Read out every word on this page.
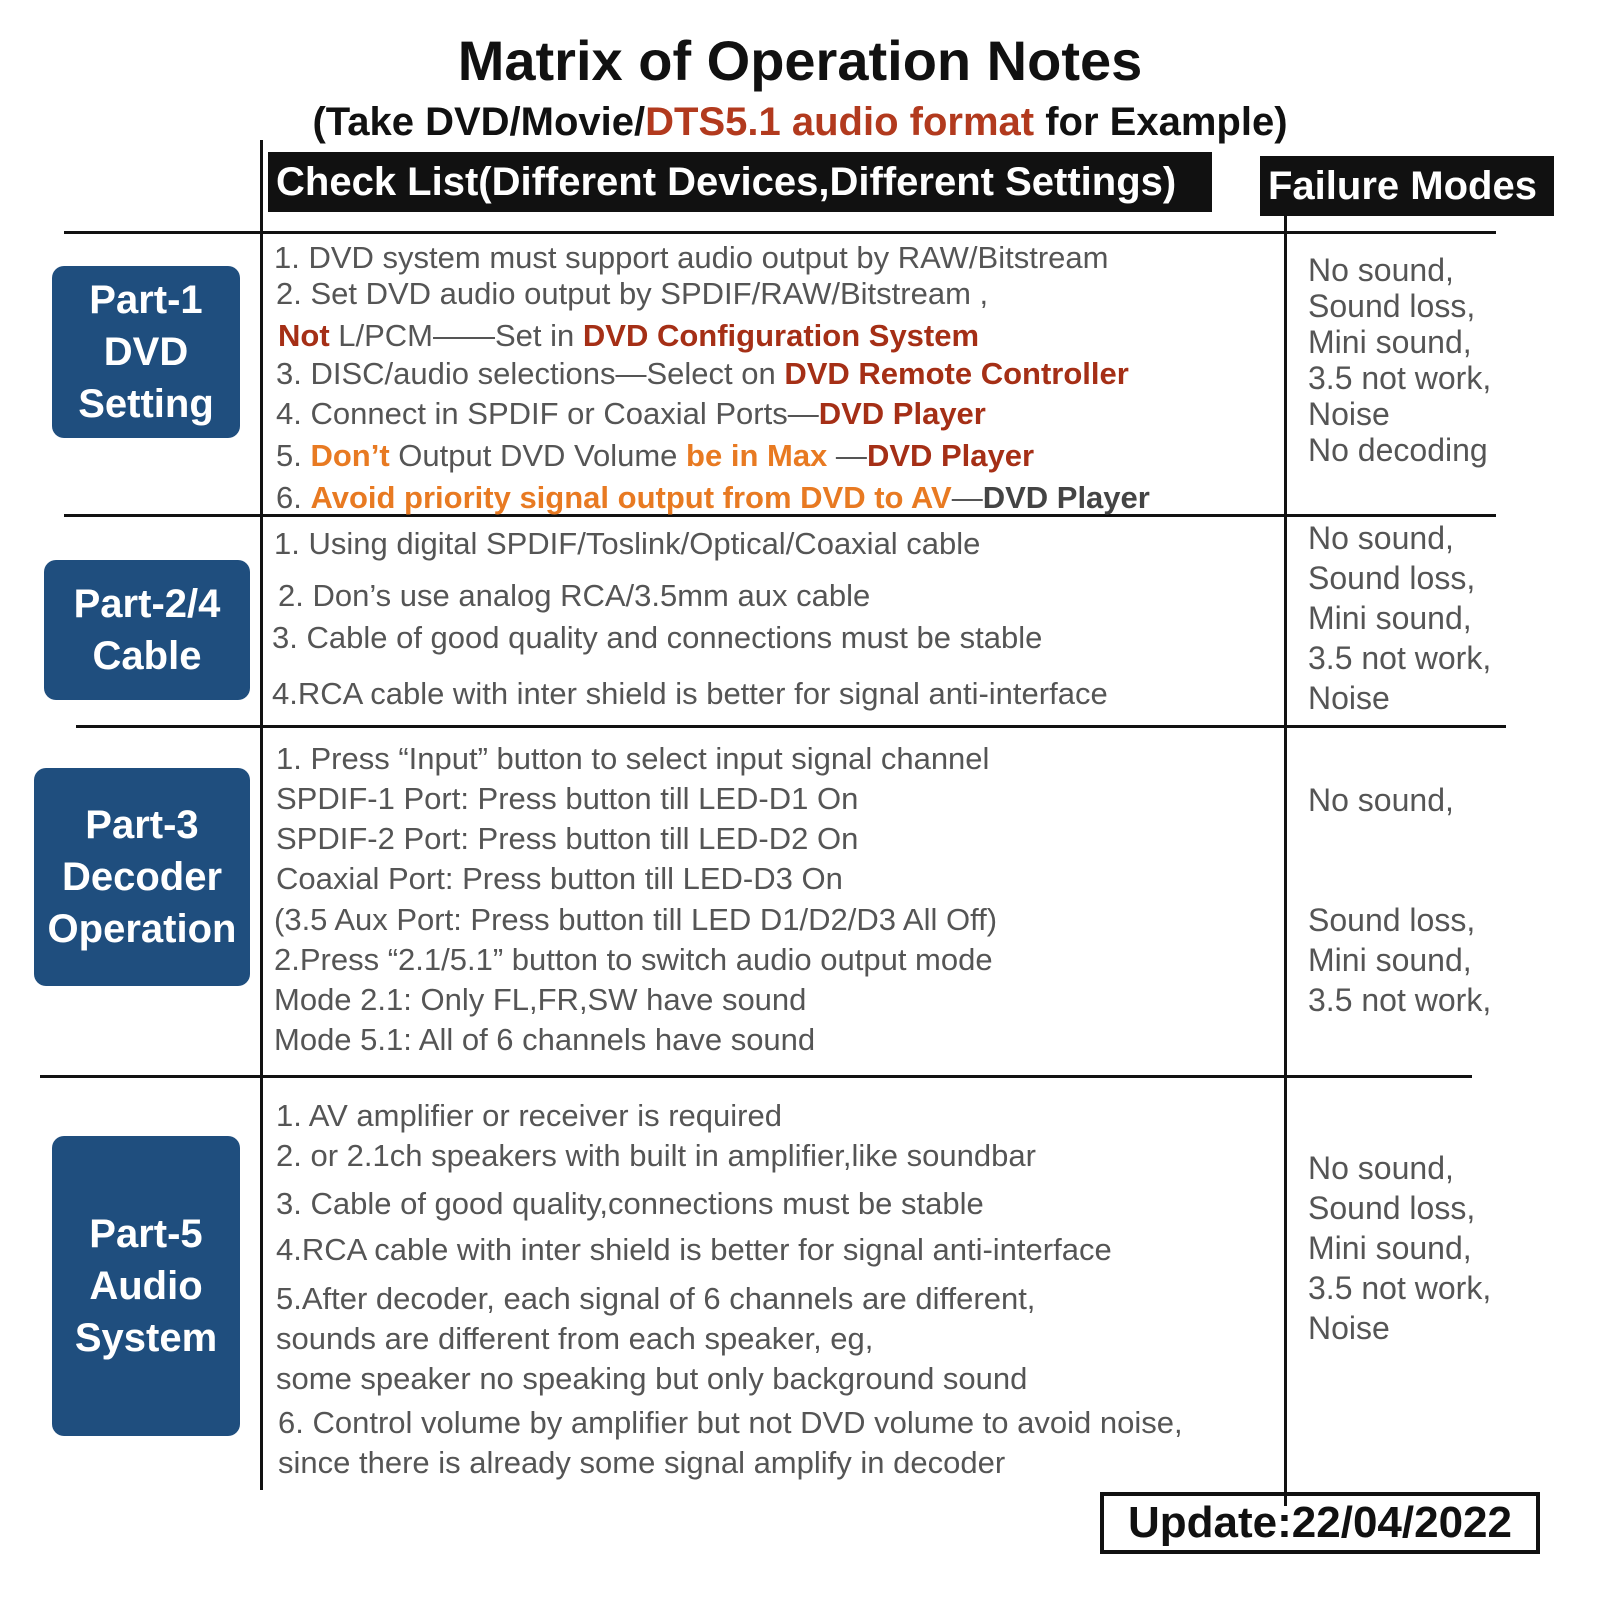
Matrix of Operation Notes
(Take DVD/Movie/DTS5.1 audio format for Example)
Check List(Different Devices,Different Settings)	Failure Modes
Part-1
DVD
Setting
Part-2/4
Cable
Part-3
Decoder
Operation
Part-5
Audio
System
1. DVD system must support audio output by RAW/Bitstream
2. Set DVD audio output by SPDIF/RAW/Bitstream ,
Not L/PCM——Set in DVD Configuration System
3. DISC/audio selections—Select on DVD Remote Controller
4. Connect in SPDIF or Coaxial Ports—DVD Player
5. Don’t Output DVD Volume be in Max —DVD Player
6. Avoid priority signal output from DVD to AV—DVD Player
1. Using digital SPDIF/Toslink/Optical/Coaxial cable
2. Don’s use analog RCA/3.5mm aux cable
3. Cable of good quality and connections must be stable
4.RCA cable with inter shield is better for signal anti-interface
1. Press “Input” button to select input signal channel
SPDIF-1 Port: Press button till LED-D1 On
SPDIF-2 Port: Press button till LED-D2 On
Coaxial Port: Press button till LED-D3 On
(3.5 Aux Port: Press button till LED D1/D2/D3 All Off)
2.Press “2.1/5.1” button to switch audio output mode
Mode 2.1: Only FL,FR,SW have sound
Mode 5.1: All of 6 channels have sound
1. AV amplifier or receiver is required
2. or 2.1ch speakers with built in amplifier,like soundbar
3. Cable of good quality,connections must be stable
4.RCA cable with inter shield is better for signal anti-interface
5.After decoder, each signal of 6 channels are different,
sounds are different from each speaker, eg,
some speaker no speaking but only background sound
6. Control volume by amplifier but not DVD volume to avoid noise,
since there is already some signal amplify in decoder
No sound,
Sound loss,
Mini sound,
3.5 not work,
Noise
No decoding
No sound,
Sound loss,
Mini sound,
3.5 not work,
Noise
No sound,
Sound loss,
Mini sound,
3.5 not work,
No sound,
Sound loss,
Mini sound,
3.5 not work,
Noise
Update:22/04/2022
